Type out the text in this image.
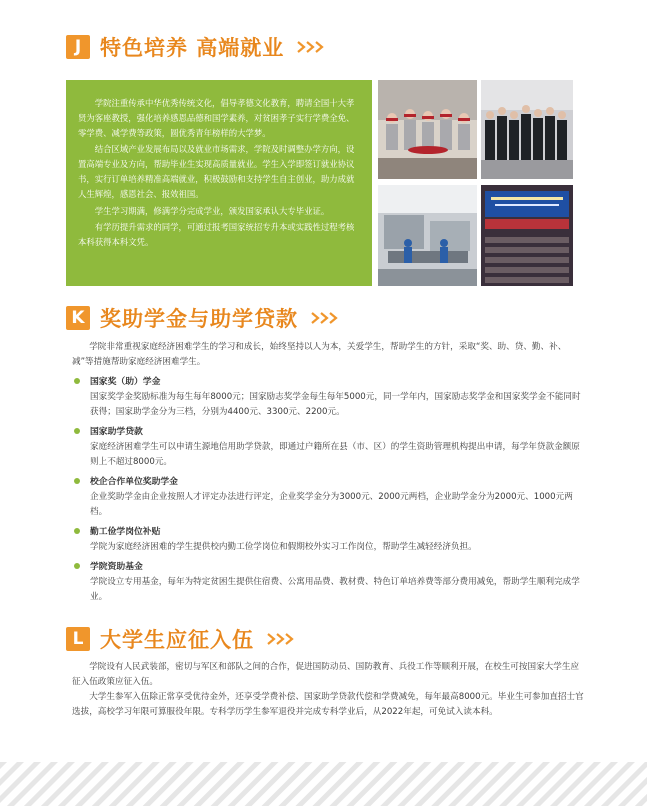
J 特色培养 高端就业

学院注重传承中华优秀传统文化，倡导孝德文化教育，聘请全国十大孝贤为客座教授，强化培养感恩品德和国学素养，对贫困孝子实行学费全免、零学费、减学费等政策，圆优秀青年榜样的大学梦。

结合区域产业发展布局以及就业市场需求，学院及时调整办学方向，设置高端专业及方向，帮助毕业生实现高质量就业。学生入学即签订就业协议书，实行订单培养精准高端就业，积极鼓励和支持学生自主创业，助力成就人生辉煌，感恩社会、报效祖国。

学生学习期满，修满学分完成学业，颁发国家承认大专毕业证。

有学历提升需求的同学，可通过报考国家统招专升本或实践性过程考核本科获得本科文凭。

K 奖助学金与助学贷款

学院非常重视家庭经济困难学生的学习和成长，始终坚持以人为本，关爱学生，帮助学生的方针，采取“奖、助、贷、勤、补、减”等措施帮助家庭经济困难学生。

国家奖（助）学金
国家奖学金奖励标准为每生每年8000元；国家励志奖学金每生每年5000元，同一学年内，国家励志奖学金和国家奖学金不能同时获得；国家助学金分为三档，分别为4400元、3300元、2200元。
国家助学贷款
家庭经济困难学生可以申请生源地信用助学贷款，即通过户籍所在县（市、区）的学生资助管理机构提出申请，每学年贷款金额原则上不超过8000元。
校企合作单位奖助学金
企业奖助学金由企业按照人才评定办法进行评定，企业奖学金分为3000元、2000元两档，企业助学金分为2000元、1000元两档。
勤工俭学岗位补贴
学院为家庭经济困难的学生提供校内勤工俭学岗位和假期校外实习工作岗位，帮助学生减轻经济负担。
学院资助基金
学院设立专用基金，每年为特定贫困生提供住宿费、公寓用品费、教材费、特色订单培养费等部分费用减免，帮助学生顺利完成学业。
L 大学生应征入伍

学院设有人民武装部，密切与军区和部队之间的合作，促进国防动员、国防教育、兵役工作等顺利开展，在校生可按国家大学生应征入伍政策应征入伍。

大学生参军入伍除正常享受优待金外，还享受学费补偿、国家助学贷款代偿和学费减免，每年最高8000元。毕业生可参加直招士官选拔，高校学习年限可算服役年限。专科学历学生参军退役并完成专科学业后，从2022年起，可免试入读本科。
